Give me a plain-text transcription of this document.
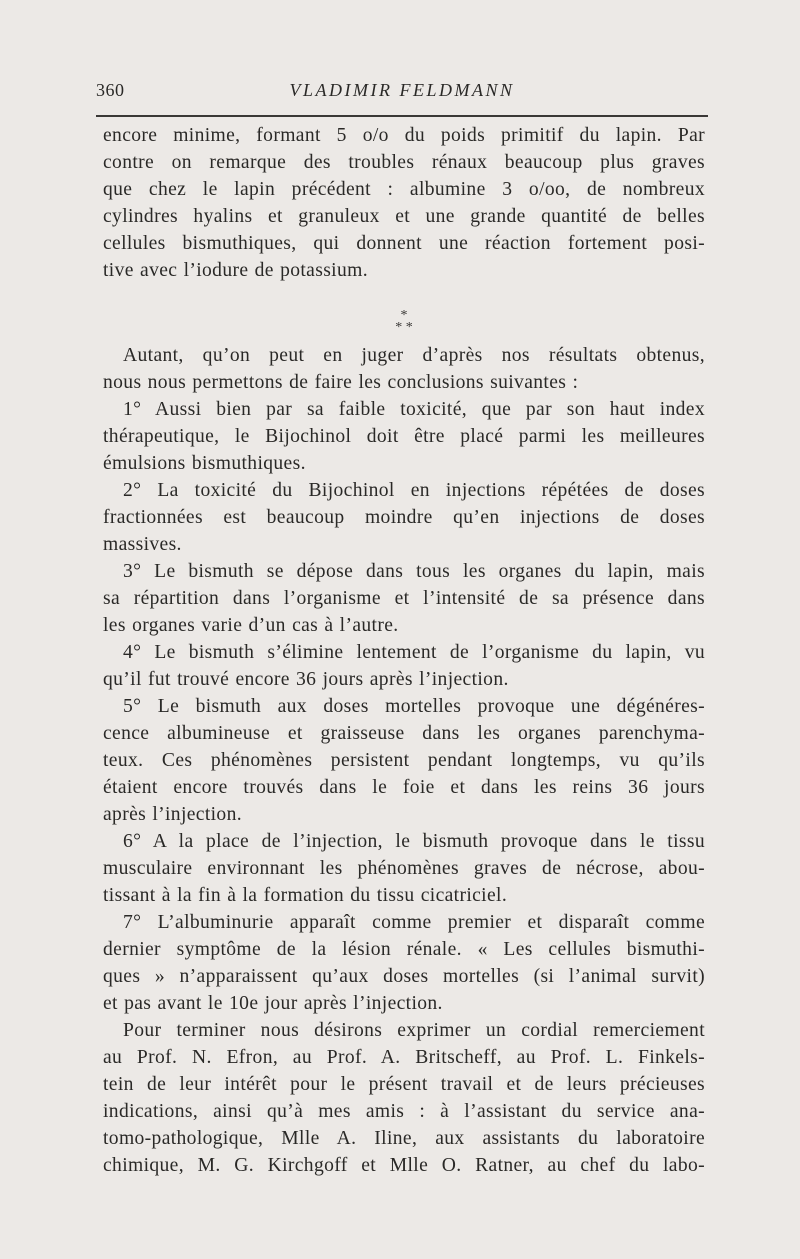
360	VLADIMIR FELDMANN

encore minime, formant 5 o/o du poids primitif du lapin. Par
contre on remarque des troubles rénaux beaucoup plus graves
que chez le lapin précédent : albumine 3 o/oo, de nombreux
cylindres hyalins et granuleux et une grande quantité de belles
cellules bismuthiques, qui donnent une réaction fortement posi-
tive avec l’iodure de potassium.

*
* *

Autant, qu’on peut en juger d’après nos résultats obtenus,
nous nous permettons de faire les conclusions suivantes :

1° Aussi bien par sa faible toxicité, que par son haut index
thérapeutique, le Bijochinol doit être placé parmi les meilleures
émulsions bismuthiques.

2° La toxicité du Bijochinol en injections répétées de doses
fractionnées est beaucoup moindre qu’en injections de doses
massives.

3° Le bismuth se dépose dans tous les organes du lapin, mais
sa répartition dans l’organisme et l’intensité de sa présence dans
les organes varie d’un cas à l’autre.

4° Le bismuth s’élimine lentement de l’organisme du lapin, vu
qu’il fut trouvé encore 36 jours après l’injection.

5° Le bismuth aux doses mortelles provoque une dégénéres-
cence albumineuse et graisseuse dans les organes parenchyma-
teux. Ces phénomènes persistent pendant longtemps, vu qu’ils
étaient encore trouvés dans le foie et dans les reins 36 jours
après l’injection.

6° A la place de l’injection, le bismuth provoque dans le tissu
musculaire environnant les phénomènes graves de nécrose, abou-
tissant à la fin à la formation du tissu cicatriciel.

7° L’albuminurie apparaît comme premier et disparaît comme
dernier symptôme de la lésion rénale. « Les cellules bismuthi-
ques » n’apparaissent qu’aux doses mortelles (si l’animal survit)
et pas avant le 10e jour après l’injection.

Pour terminer nous désirons exprimer un cordial remerciement
au Prof. N. Efron, au Prof. A. Britscheff, au Prof. L. Finkels-
tein de leur intérêt pour le présent travail et de leurs précieuses
indications, ainsi qu’à mes amis : à l’assistant du service ana-
tomo-pathologique, Mlle A. Iline, aux assistants du laboratoire
chimique, M. G. Kirchgoff et Mlle O. Ratner, au chef du labo-
